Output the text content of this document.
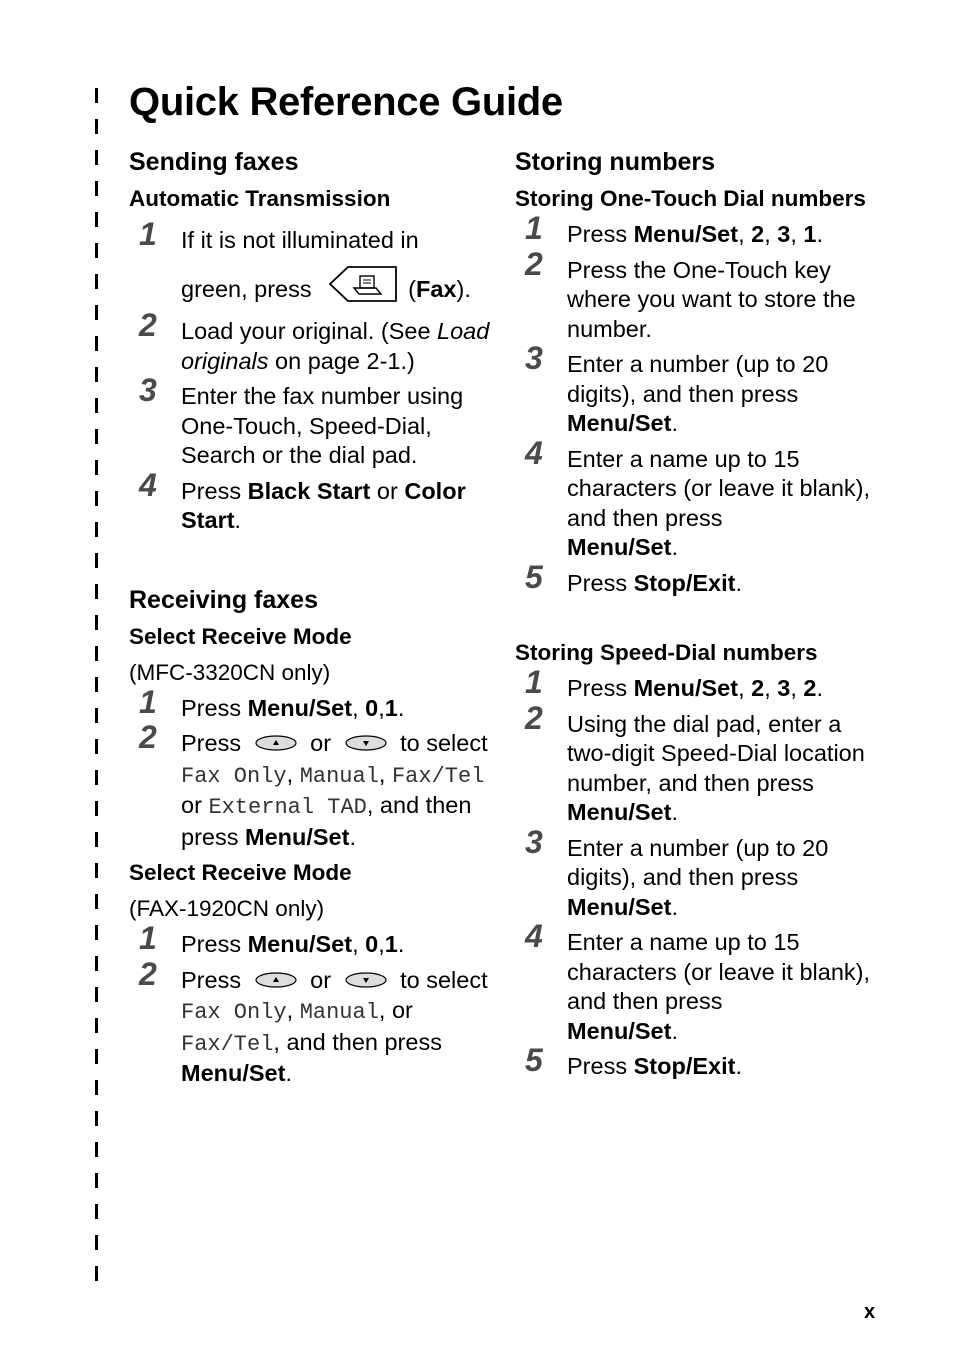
Quick Reference Guide
Sending faxes
Automatic Transmission
1 If it is not illuminated in
green, press	(Fax).
2 Load your original. (See Load originals on page 2-1.)
3 Enter the fax number using One-Touch, Speed-Dial, Search or the dial pad.
4 Press Black Start or Color Start.
Receiving faxes
Select Receive Mode
(MFC-3320CN only)
1 Press Menu/Set, 0,1.
2 Press	or	to select Fax Only, Manual, Fax/Tel or External TAD, and then press Menu/Set.
Select Receive Mode
(FAX-1920CN only)
1 Press Menu/Set, 0,1.
2 Press	or	to select Fax Only, Manual, or Fax/Tel, and then press Menu/Set.
Storing numbers
Storing One-Touch Dial numbers
1 Press Menu/Set, 2, 3, 1.
2 Press the One-Touch key where you want to store the number.
3 Enter a number (up to 20 digits), and then press
Menu/Set.
4 Enter a name up to 15 characters (or leave it blank), and then press
Menu/Set.
5 Press Stop/Exit.
Storing Speed-Dial numbers
1 Press Menu/Set, 2, 3, 2.
2 Using the dial pad, enter a two-digit Speed-Dial location number, and then press Menu/Set.
3 Enter a number (up to 20 digits), and then press
Menu/Set.
4 Enter a name up to 15 characters (or leave it blank), and then press
Menu/Set.
5 Press Stop/Exit.
x
